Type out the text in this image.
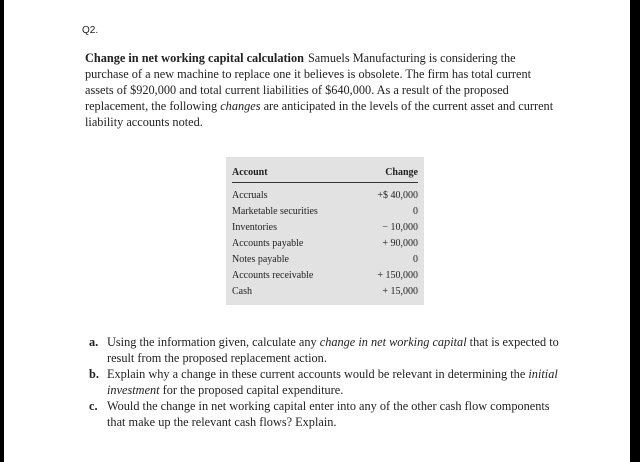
Q2.

Change in net working capital calculation Samuels Manufacturing is considering the purchase of a new machine to replace one it believes is obsolete. The firm has total current assets of $920,000 and total current liabilities of $640,000. As a result of the proposed replacement, the following changes are anticipated in the levels of the current asset and current liability accounts noted.

Account	Change
Accruals	+$ 40,000
Marketable securities	0
Inventories	− 10,000
Accounts payable	+ 90,000
Notes payable	0
Accounts receivable	+ 150,000
Cash	+ 15,000
a. Using the information given, calculate any change in net working capital that is expected to result from the proposed replacement action.
b. Explain why a change in these current accounts would be relevant in determining the initial investment for the proposed capital expenditure.
c. Would the change in net working capital enter into any of the other cash flow components that make up the relevant cash flows? Explain.
